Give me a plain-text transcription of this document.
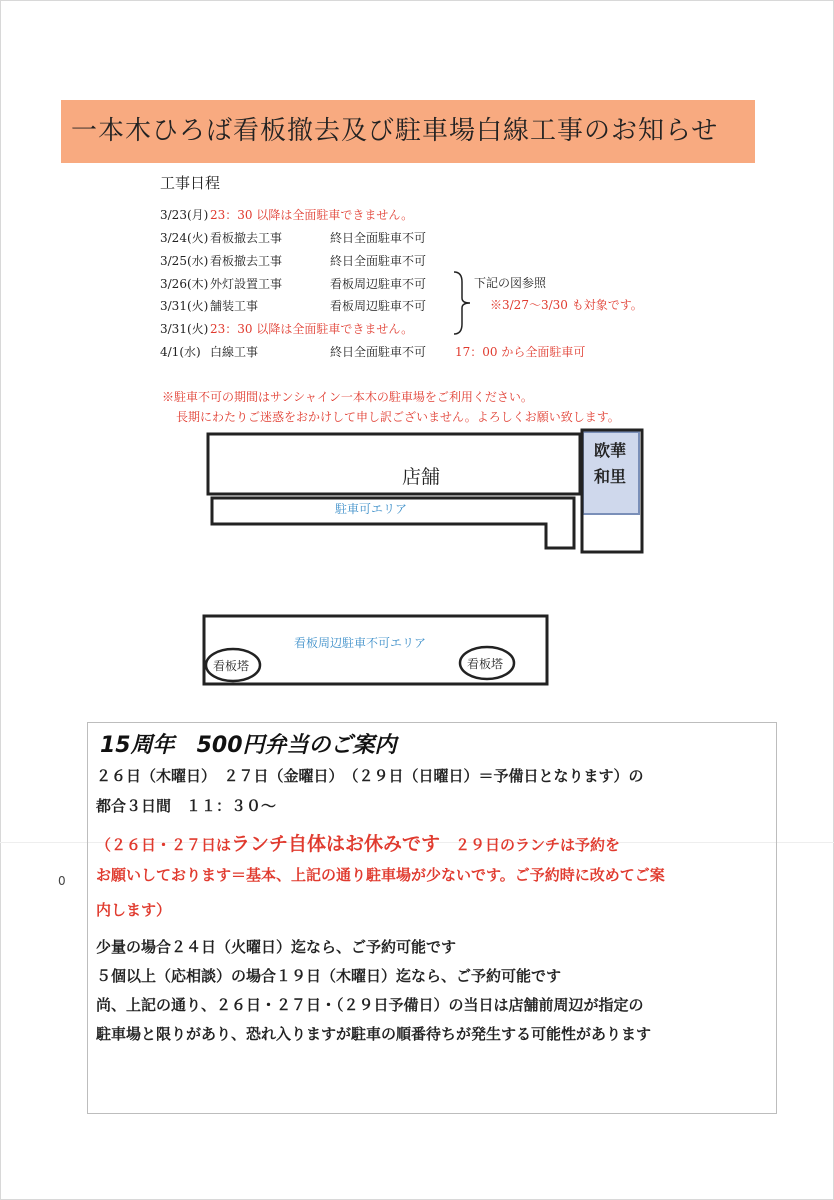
一本木ひろば看板撤去及び駐車場白線工事のお知らせ
工事日程
3/23(月) 23：30 以降は全面駐車できません。
3/24(火) 看板撤去工事	終日全面駐車不可
3/25(水) 看板撤去工事	終日全面駐車不可
3/26(木) 外灯設置工事	看板周辺駐車不可
3/31(火) 舗装工事	看板周辺駐車不可
3/31(火) 23：30 以降は全面駐車できません。
4/1(水) 白線工事	終日全面駐車不可 17：00 から全面駐車可
下記の図参照
※3/27～3/30 も対象です。
※駐車不可の期間はサンシャイン一本木の駐車場をご利用ください。
長期にわたりご迷惑をおかけして申し訳ございません。よろしくお願い致します。
店舗
駐車可エリア
欧華
和里
看板周辺駐車不可エリア
看板塔	看板塔
0
15周年　500円弁当のご案内
２６日（木曜日）　２７日（金曜日）　（２９日（日曜日）＝予備日となります）の
都合３日間　１１：３０～
（２６日・２７日はランチ自体はお休みです　２９日のランチは予約を
お願いしております＝基本、上記の通り駐車場が少ないです。ご予約時に改めてご案
内します）
少量の場合２４日（火曜日）迄なら、ご予約可能です
５個以上（応相談）の場合１９日（木曜日）迄なら、ご予約可能です
尚、上記の通り、２６日・２７日・（２９日予備日）の当日は店舗前周辺が指定の
駐車場と限りがあり、恐れ入りますが駐車の順番待ちが発生する可能性があります
